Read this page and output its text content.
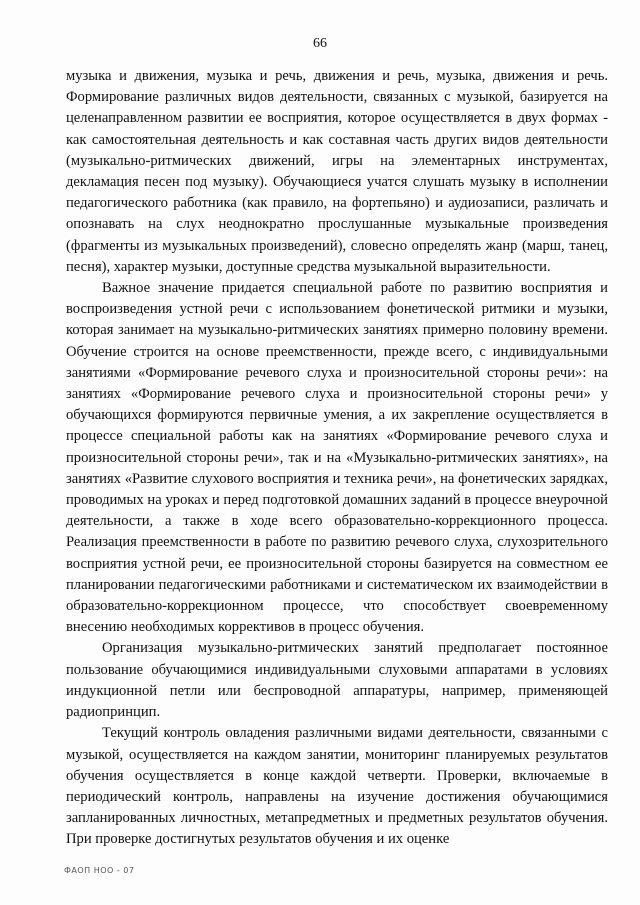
66

музыка и движения, музыка и речь, движения и речь, музыка, движения и речь. Формирование различных видов деятельности, связанных с музыкой, базируется на целенаправленном развитии ее восприятия, которое осуществляется в двух формах - как самостоятельная деятельность и как составная часть других видов деятельности (музыкально-ритмических движений, игры на элементарных инструментах, декламация песен под музыку). Обучающиеся учатся слушать музыку в исполнении педагогического работника (как правило, на фортепьяно) и аудиозаписи, различать и опознавать на слух неоднократно прослушанные музыкальные произведения (фрагменты из музыкальных произведений), словесно определять жанр (марш, танец, песня), характер музыки, доступные средства музыкальной выразительности.

Важное значение придается специальной работе по развитию восприятия и воспроизведения устной речи с использованием фонетической ритмики и музыки, которая занимает на музыкально-ритмических занятиях примерно половину времени. Обучение строится на основе преемственности, прежде всего, с индивидуальными занятиями «Формирование речевого слуха и произносительной стороны речи»: на занятиях «Формирование речевого слуха и произносительной стороны речи» у обучающихся формируются первичные умения, а их закрепление осуществляется в процессе специальной работы как на занятиях «Формирование речевого слуха и произносительной стороны речи», так и на «Музыкально-ритмических занятиях», на занятиях «Развитие слухового восприятия и техника речи», на фонетических зарядках, проводимых на уроках и перед подготовкой домашних заданий в процессе внеурочной деятельности, а также в ходе всего образовательно-коррекционного процесса. Реализация преемственности в работе по развитию речевого слуха, слухозрительного восприятия устной речи, ее произносительной стороны базируется на совместном ее планировании педагогическими работниками и систематическом их взаимодействии в образовательно-коррекционном процессе, что способствует своевременному внесению необходимых коррективов в процесс обучения.

Организация музыкально-ритмических занятий предполагает постоянное пользование обучающимися индивидуальными слуховыми аппаратами в условиях индукционной петли или беспроводной аппаратуры, например, применяющей радиопринцип.

Текущий контроль овладения различными видами деятельности, связанными с музыкой, осуществляется на каждом занятии, мониторинг планируемых результатов обучения осуществляется в конце каждой четверти. Проверки, включаемые в периодический контроль, направлены на изучение достижения обучающимися запланированных личностных, метапредметных и предметных результатов обучения. При проверке достигнутых результатов обучения и их оценке

ФАОП НОО - 07
